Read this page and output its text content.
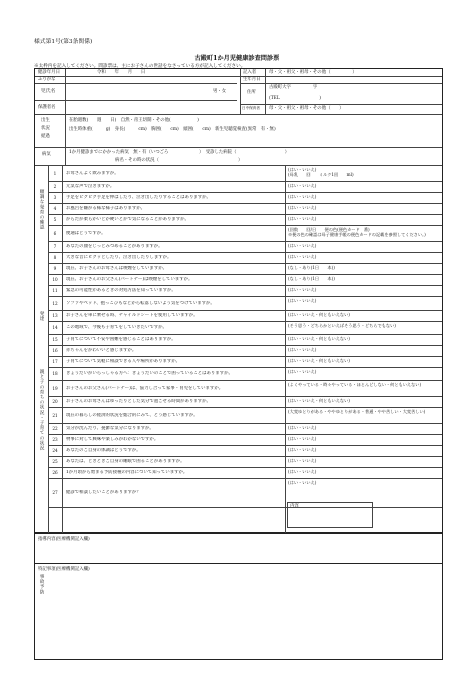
様式第1号(第3条関係)
古殿町1か月児健康診査問診票
※太枠内を記入してください。問診票は、主にお子さんの世話をなさっている方が記入してください。
健診年月日	令和　　年　　月　　日
ふりがな
児氏名	男・女
保護者名
記入者	母・父・祖父・祖母・その他（　　　　　）
生年月日
住所
古殿町大字　　　　　字
(TEL　　　　　　　　　)
日中保育者 母・父・祖父・祖母・その他（　　）
出生
状況
経過
在胎週数(　　週　　日)　自然・帝王切開・その他(　　　　　　)
出生時体重(　　　g)　身長(　　　cm)　胸囲(　　cm)　頭囲(　　cm)　新生児聴覚検査(異常　有・無)
病気	1か月健診までにかかった病気　無・有（いつごろ　　　　　　　）　受診した病院（　　　　　　　　　　　）
病名・その時の状況（　　　　　　　　　　　　　　　　　　）
順調な発育の確認
発達
親と子の育ちの状況・子育ての状況
事故予防
内容
1	お母さんよく飲みますか。
(はい・いいえ)
(母乳　　回　　ミルク1回　　ml)
2	元気な声で泣きますか。	(はい・いいえ)
3	手足をピクピク手足を伸ばしたり、泣き出したりすることはありますか。	(はい・いいえ)
4	お風呂を嫌がる様な様子はありますか。	(はい・いいえ)
5	からだが柔らかいとか硬いとかで気になることがありますか。	(はい・いいえ)
6	便通はどうですか。
(回数　　回/日　　便の色(便色カード　番)
※便の色の確認は母子健康手帳の便色カードの記載を参照してください。)
7	あなたの顔をじっとみつめることがありますか。	(はい・いいえ)
8	大きな音にビクッとしたり、泣き出したりしますか。	(はい・いいえ)
9	現在、お子さんのお母さんは喫煙をしていますか。	(なし・あり(1日　　本))
10	現在、お子さんのお父さん(パートナー)は喫煙をしていますか。	(なし・あり(1日　　本))
11	緊急の可能性があるときの対処方法を知っていますか。	(はい・いいえ)
12	ソファやベッド、抱っこひもなどから転落しないよう気をつけていますか。	(はい・いいえ)
13	お子さんを車に乗せる時、チャイルドシートを使用していますか。	(はい・いいえ・何ともいえない)
14	この地域で、今後も子育てをしていきたいですか。	(そう思う・どちらかといえばそう思う・どちらでもない)
15	子育てについて不安や困難を感じることはありますか。	(はい・いいえ・何ともいえない)
16	赤ちゃんをかわいいと感じますか。	(はい・いいえ)
17	子育てについて気軽に相談できる人や場所がありますか。	(はい・いいえ・何ともいえない)
18	きょうだいがいらっしゃる方へ：きょうだいのことで困っていることはありますか。	(はい・いいえ)
19	お子さんのお父さん(パートナー)は、協力し合って家事・育児をしていますか。
(よくやっている・時々やっている・ほとんどしない・何ともいえない)
20	お子さんのお母さんはゆったりとした気分で過ごせる時間がありますか。	(はい・いいえ・何ともいえない)
21	現在の暮らしの経済的状況を総合的にみて、どう感じていますか。
(大変ゆとりがある・ややゆとりがある・普通・やや苦しい・大変苦しい)
22	気分が沈んだり、憂鬱な気分になりますか。	(はい・いいえ)
23	物事に対して興味や楽しみがわかないですか。	(はい・いいえ)
24	あなたのご自身の体調はどうですか。	(はい・いいえ)
25	あなたは、ときどきご自身の睡眠で困ることがありますか。	(はい・いいえ)
26	1か月頃から始まる予防接種の内容について知っていますか。	(はい・いいえ)
27	健診で相談したいことがありますか？
(はい・いいえ)
指導内容(医療機関記入欄)
特記事項(医療機関記入欄)
